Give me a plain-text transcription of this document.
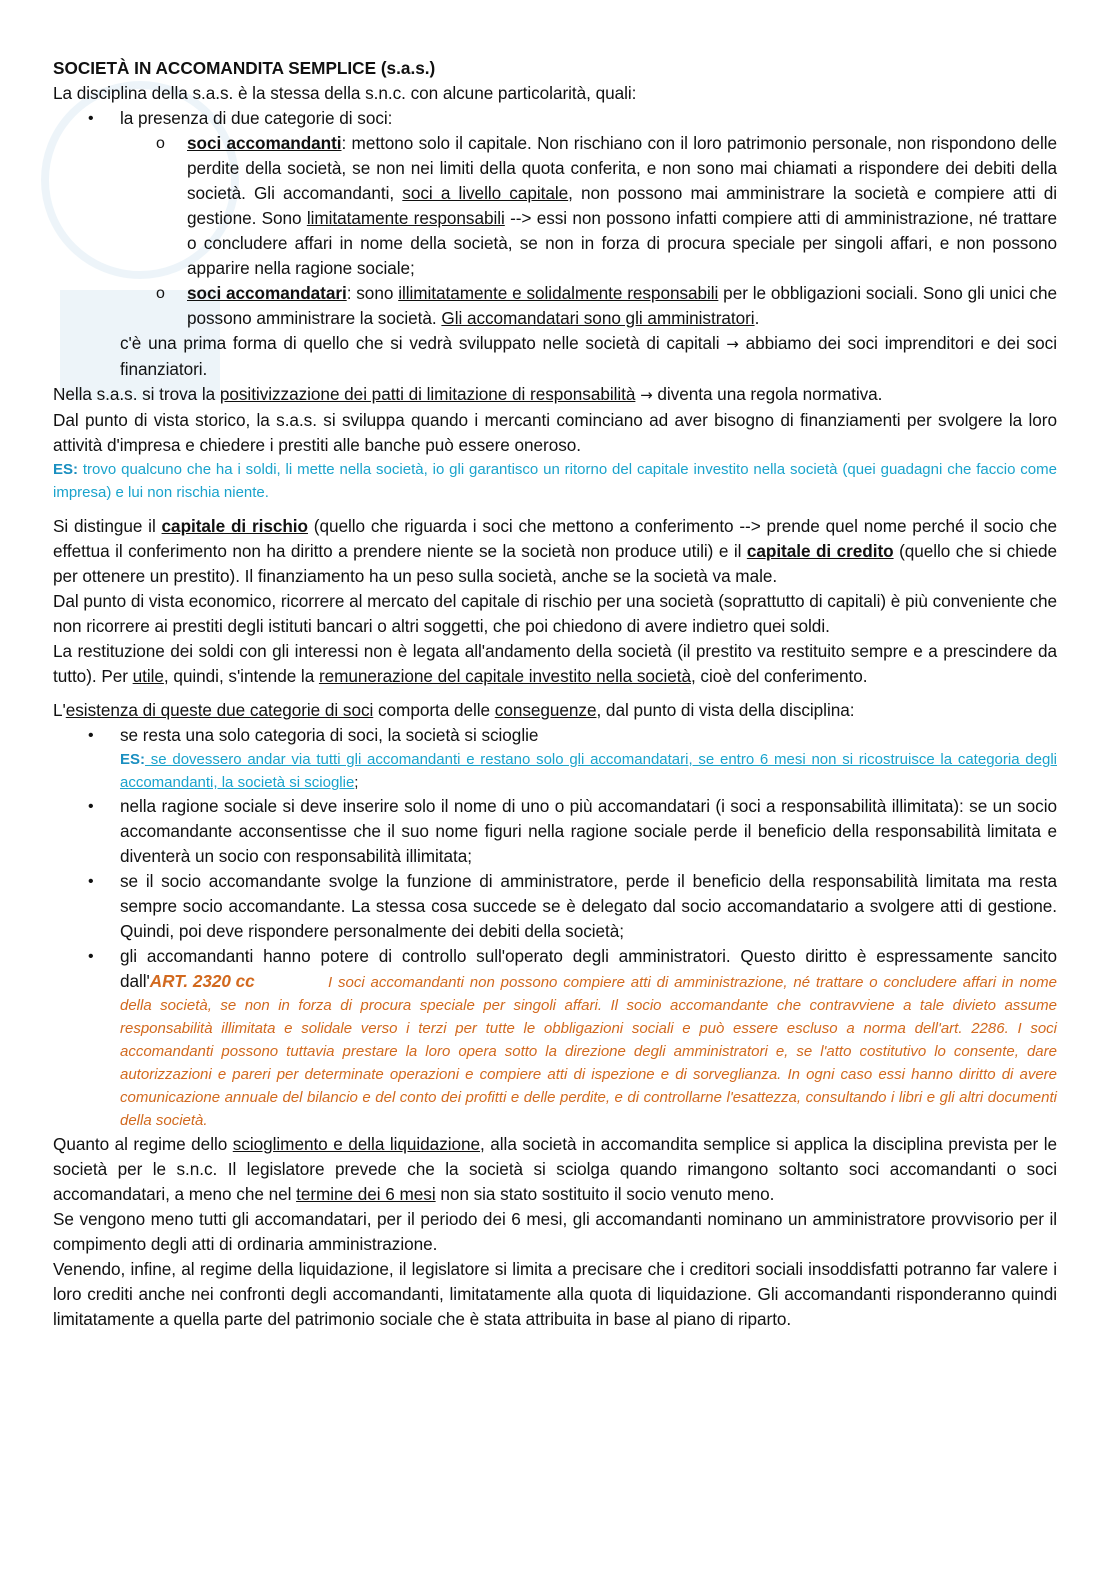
SOCIETÀ IN ACCOMANDITA SEMPLICE (s.a.s.)

La disciplina della s.a.s. è la stessa della s.n.c. con alcune particolarità, quali:

• la presenza di due categorie di soci:

o soci accomandanti: mettono solo il capitale. Non rischiano con il loro patrimonio personale, non rispondono delle perdite della società, se non nei limiti della quota conferita, e non sono mai chiamati a rispondere dei debiti della società. Gli accomandanti, soci a livello capitale, non possono mai amministrare la società e compiere atti di gestione. Sono limitatamente responsabili --> essi non possono infatti compiere atti di amministrazione, né trattare o concludere affari in nome della società, se non in forza di procura speciale per singoli affari, e non possono apparire nella ragione sociale;

o soci accomandatari: sono illimitatamente e solidalmente responsabili per le obbligazioni sociali. Sono gli unici che possono amministrare la società. Gli accomandatari sono gli amministratori.

c'è una prima forma di quello che si vedrà sviluppato nelle società di capitali → abbiamo dei soci imprenditori e dei soci finanziatori.

Nella s.a.s. si trova la positivizzazione dei patti di limitazione di responsabilità → diventa una regola normativa.

Dal punto di vista storico, la s.a.s. si sviluppa quando i mercanti cominciano ad aver bisogno di finanziamenti per svolgere la loro attività d'impresa e chiedere i prestiti alle banche può essere oneroso.

ES: trovo qualcuno che ha i soldi, li mette nella società, io gli garantisco un ritorno del capitale investito nella società (quei guadagni che faccio come impresa) e lui non rischia niente.

Si distingue il capitale di rischio (quello che riguarda i soci che mettono a conferimento --> prende quel nome perché il socio che effettua il conferimento non ha diritto a prendere niente se la società non produce utili) e il capitale di credito (quello che si chiede per ottenere un prestito). Il finanziamento ha un peso sulla società, anche se la società va male.

Dal punto di vista economico, ricorrere al mercato del capitale di rischio per una società (soprattutto di capitali) è più conveniente che non ricorrere ai prestiti degli istituti bancari o altri soggetti, che poi chiedono di avere indietro quei soldi.

La restituzione dei soldi con gli interessi non è legata all'andamento della società (il prestito va restituito sempre e a prescindere da tutto). Per utile, quindi, s'intende la remunerazione del capitale investito nella società, cioè del conferimento.

L'esistenza di queste due categorie di soci comporta delle conseguenze, dal punto di vista della disciplina:

• se resta una solo categoria di soci, la società si scioglie

ES: se dovessero andar via tutti gli accomandanti e restano solo gli accomandatari, se entro 6 mesi non si ricostruisce la categoria degli accomandanti, la società si scioglie;

• nella ragione sociale si deve inserire solo il nome di uno o più accomandatari (i soci a responsabilità illimitata): se un socio accomandante acconsentisse che il suo nome figuri nella ragione sociale perde il beneficio della responsabilità limitata e diventerà un socio con responsabilità illimitata;

• se il socio accomandante svolge la funzione di amministratore, perde il beneficio della responsabilità limitata ma resta sempre socio accomandante. La stessa cosa succede se è delegato dal socio accomandatario a svolgere atti di gestione. Quindi, poi deve rispondere personalmente dei debiti della società;

• gli accomandanti hanno potere di controllo sull'operato degli amministratori. Questo diritto è espressamente sancito dall'ART. 2320 cc	I soci accomandanti non possono compiere atti di amministrazione, né trattare o concludere affari in nome della società, se non in forza di procura speciale per singoli affari. Il socio accomandante che contravviene a tale divieto assume responsabilità illimitata e solidale verso i terzi per tutte le obbligazioni sociali e può essere escluso a norma dell'art. 2286. I soci accomandanti possono tuttavia prestare la loro opera sotto la direzione degli amministratori e, se l'atto costitutivo lo consente, dare autorizzazioni e pareri per determinate operazioni e compiere atti di ispezione e di sorveglianza. In ogni caso essi hanno diritto di avere comunicazione annuale del bilancio e del conto dei profitti e delle perdite, e di controllarne l'esattezza, consultando i libri e gli altri documenti della società.

Quanto al regime dello scioglimento e della liquidazione, alla società in accomandita semplice si applica la disciplina prevista per le società per le s.n.c. Il legislatore prevede che la società si sciolga quando rimangono soltanto soci accomandanti o soci accomandatari, a meno che nel termine dei 6 mesi non sia stato sostituito il socio venuto meno.

Se vengono meno tutti gli accomandatari, per il periodo dei 6 mesi, gli accomandanti nominano un amministratore provvisorio per il compimento degli atti di ordinaria amministrazione.

Venendo, infine, al regime della liquidazione, il legislatore si limita a precisare che i creditori sociali insoddisfatti potranno far valere i loro crediti anche nei confronti degli accomandanti, limitatamente alla quota di liquidazione. Gli accomandanti risponderanno quindi limitatamente a quella parte del patrimonio sociale che è stata attribuita in base al piano di riparto.
